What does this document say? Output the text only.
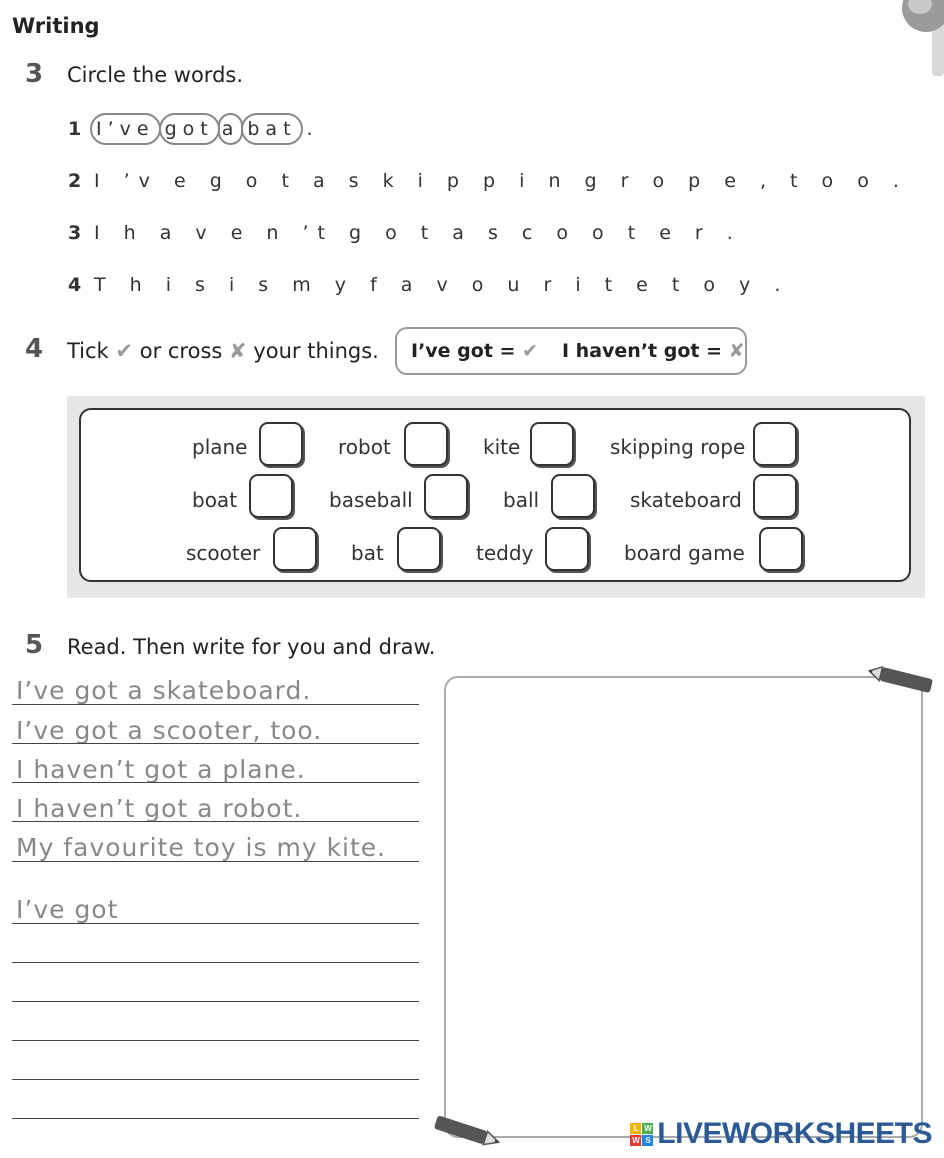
Writing
3 Circle the words.
1 I’ve got a bat .
2 I ’v e g o t a s k i p p i n g r o p e , t o o .
3 I h a v e n ’t g o t a s c o o t e r .
4 T h i s i s m y f a v o u r i t e t o y .
4 Tick ✔ or cross ✘ your things. I’ve got = ✔ I haven’t got = ✘
plane	robot	kite	skipping rope
boat	baseball	ball	skateboard
scooter	bat	teddy	board game
5 Read. Then write for you and draw.
I’ve got a skateboard.
I’ve got a scooter, too.
I haven’t got a plane.
I haven’t got a robot.
My favourite toy is my kite.
I’ve got
L W
W S LIVEWORKSHEETS
